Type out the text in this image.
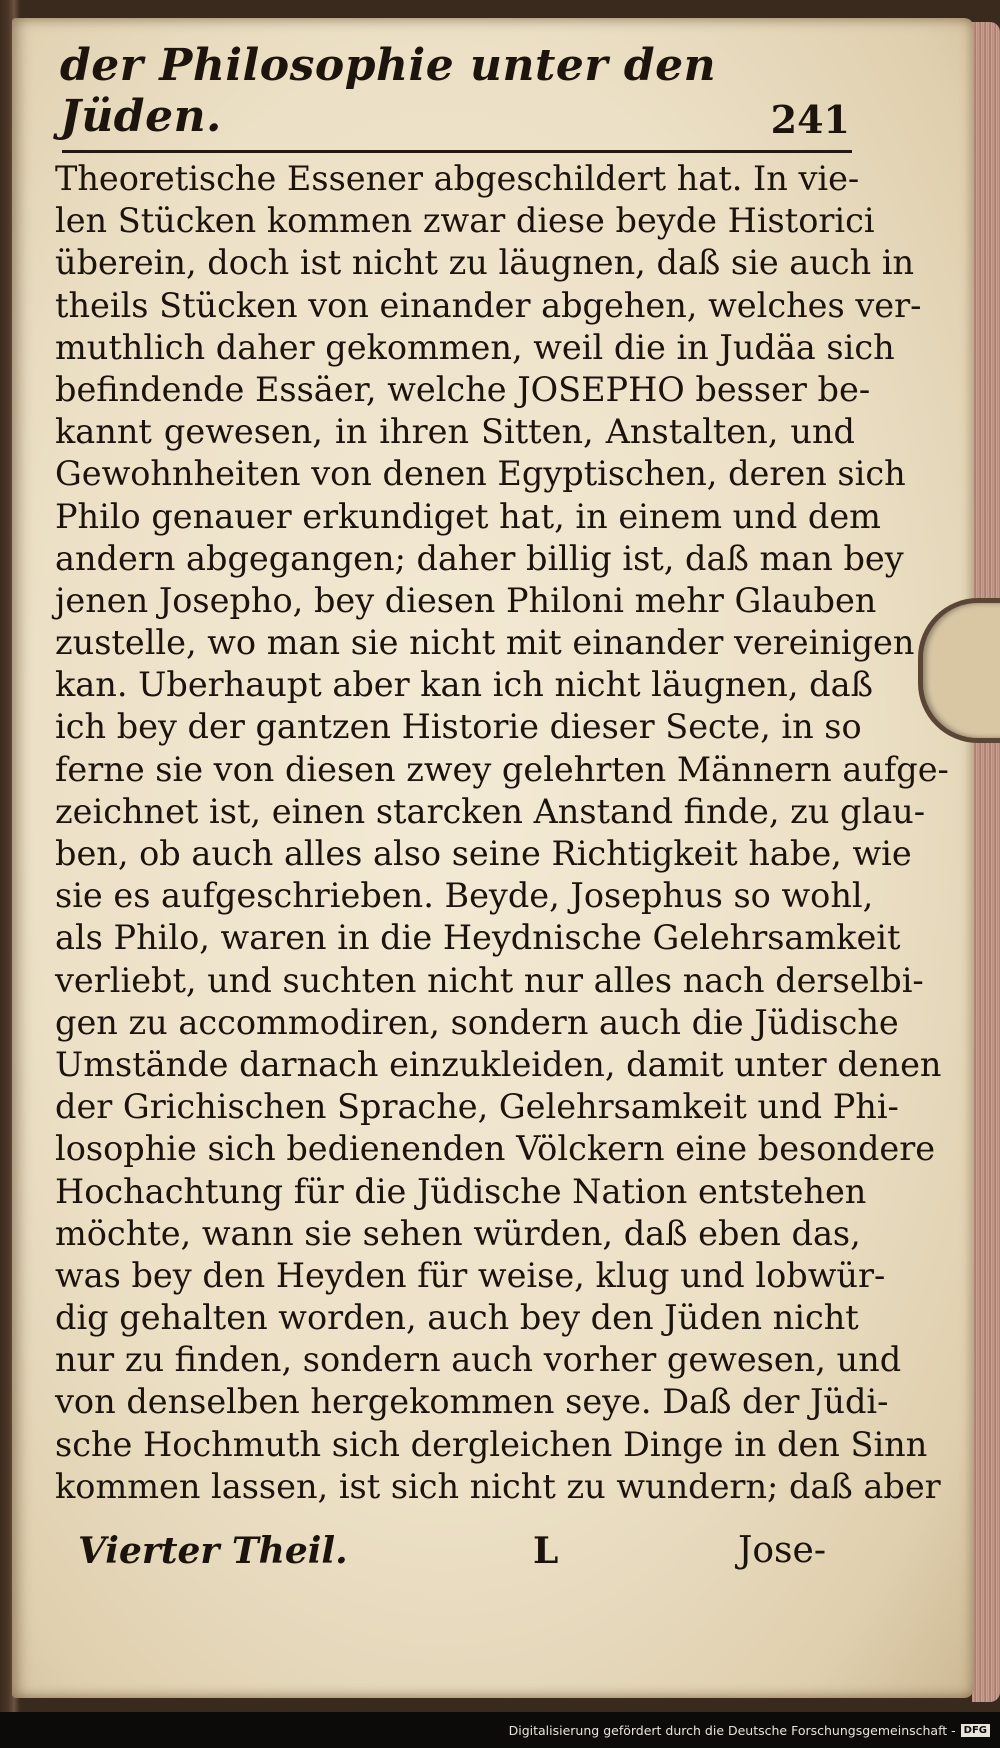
der Philosophie unter den Jüden.	241
Theoretische Essener abgeschildert hat. In vie-
len Stücken kommen zwar diese beyde Historici
überein, doch ist nicht zu läugnen, daß sie auch in
theils Stücken von einander abgehen, welches ver-
muthlich daher gekommen, weil die in Judäa sich
befindende Essäer, welche JOSEPHO besser be-
kannt gewesen, in ihren Sitten, Anstalten, und
Gewohnheiten von denen Egyptischen, deren sich
Philo genauer erkundiget hat, in einem und dem
andern abgegangen; daher billig ist, daß man bey
jenen Josepho, bey diesen Philoni mehr Glauben
zustelle, wo man sie nicht mit einander vereinigen
kan. Uberhaupt aber kan ich nicht läugnen, daß
ich bey der gantzen Historie dieser Secte, in so
ferne sie von diesen zwey gelehrten Männern aufge-
zeichnet ist, einen starcken Anstand finde, zu glau-
ben, ob auch alles also seine Richtigkeit habe, wie
sie es aufgeschrieben. Beyde, Josephus so wohl,
als Philo, waren in die Heydnische Gelehrsamkeit
verliebt, und suchten nicht nur alles nach derselbi-
gen zu accommodiren, sondern auch die Jüdische
Umstände darnach einzukleiden, damit unter denen
der Grichischen Sprache, Gelehrsamkeit und Phi-
losophie sich bedienenden Völckern eine besondere
Hochachtung für die Jüdische Nation entstehen
möchte, wann sie sehen würden, daß eben das,
was bey den Heyden für weise, klug und lobwür-
dig gehalten worden, auch bey den Jüden nicht
nur zu finden, sondern auch vorher gewesen, und
von denselben hergekommen seye. Daß der Jüdi-
sche Hochmuth sich dergleichen Dinge in den Sinn
kommen lassen, ist sich nicht zu wundern; daß aber
Vierter Theil.	L	Jose-
Digitalisierung gefördert durch die Deutsche Forschungsgemeinschaft - DFG
